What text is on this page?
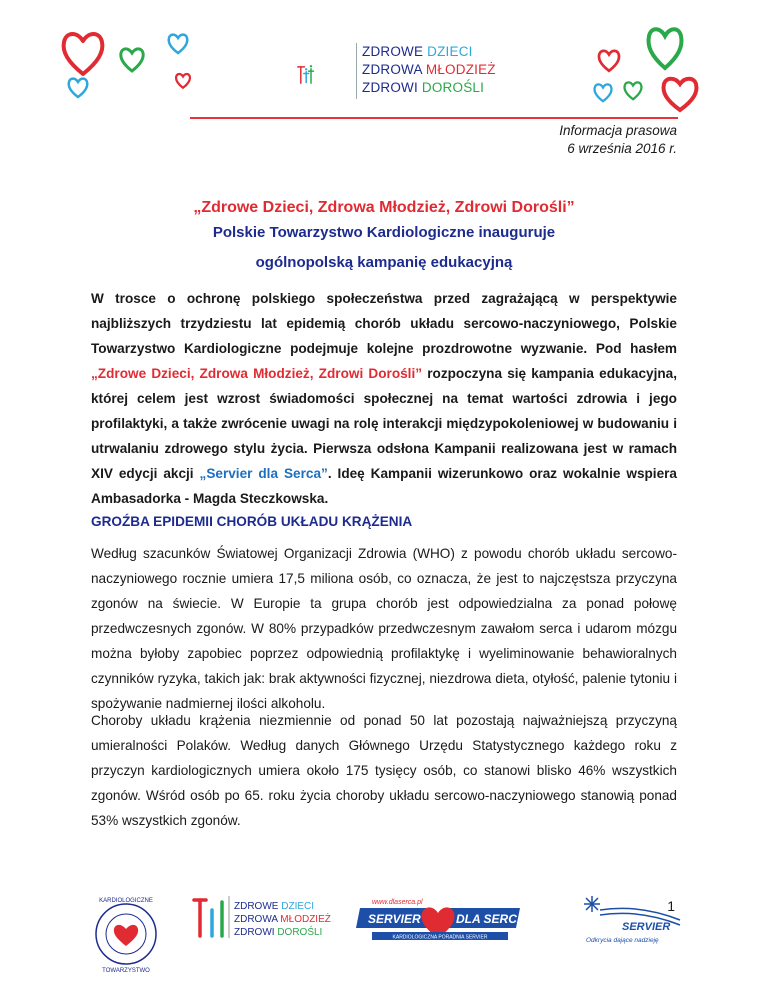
ZDROWE DZIECI
ZDROWA MŁODZIEŻ
ZDROWI DOROŚLI
Informacja prasowa
6 września 2016 r.
„Zdrowe Dzieci, Zdrowa Młodzież, Zdrowi Dorośli”
Polskie Towarzystwo Kardiologiczne inauguruje
ogólnopolską kampanię edukacyjną
W trosce o ochronę polskiego społeczeństwa przed zagrażającą w perspektywie najbliższych trzydziestu lat epidemią chorób układu sercowo-naczyniowego, Polskie Towarzystwo Kardiologiczne podejmuje kolejne prozdrowotne wyzwanie. Pod hasłem „Zdrowe Dzieci, Zdrowa Młodzież, Zdrowi Dorośli” rozpoczyna się kampania edukacyjna, której celem jest wzrost świadomości społecznej na temat wartości zdrowia i jego profilaktyki, a także zwrócenie uwagi na rolę interakcji międzypokoleniowej w budowaniu i utrwalaniu zdrowego stylu życia. Pierwsza odsłona Kampanii realizowana jest w ramach XIV edycji akcji „Servier dla Serca”. Ideę Kampanii wizerunkowo oraz wokalnie wspiera Ambasadorka - Magda Steczkowska.
GROŹBA EPIDEMII CHORÓB UKŁADU KRĄŻENIA
Według szacunków Światowej Organizacji Zdrowia (WHO) z powodu chorób układu sercowo-naczyniowego rocznie umiera 17,5 miliona osób, co oznacza, że jest to najczęstsza przyczyna zgonów na świecie. W Europie ta grupa chorób jest odpowiedzialna za ponad połowę przedwczesnych zgonów. W 80% przypadków przedwczesnym zawałom serca i udarom mózgu można byłoby zapobiec poprzez odpowiednią profilaktykę i wyeliminowanie behawioralnych czynników ryzyka, takich jak: brak aktywności fizycznej, niezdrowa dieta, otyłość, palenie tytoniu i spożywanie nadmiernej ilości alkoholu.
Choroby układu krążenia niezmiennie od ponad 50 lat pozostają najważniejszą przyczyną umieralności Polaków. Według danych Głównego Urzędu Statystycznego każdego roku z przyczyn kardiologicznych umiera około 175 tysięcy osób, co stanowi blisko 46% wszystkich zgonów. Wśród osób po 65. roku życia choroby układu sercowo-naczyniowego stanowią ponad 53% wszystkich zgonów.
KARDIOLOGICZNE
TOWARZYSTWO
ZDROWE DZIECI
ZDROWA MŁODZIEŻ
ZDROWI DOROŚLI
www.dlaserca.pl
SERVIER	DLA SERCA
KARDIOLOGICZNA PORADNIA SERVIER
SERVIER
Odkrycia dające nadzieję
1
